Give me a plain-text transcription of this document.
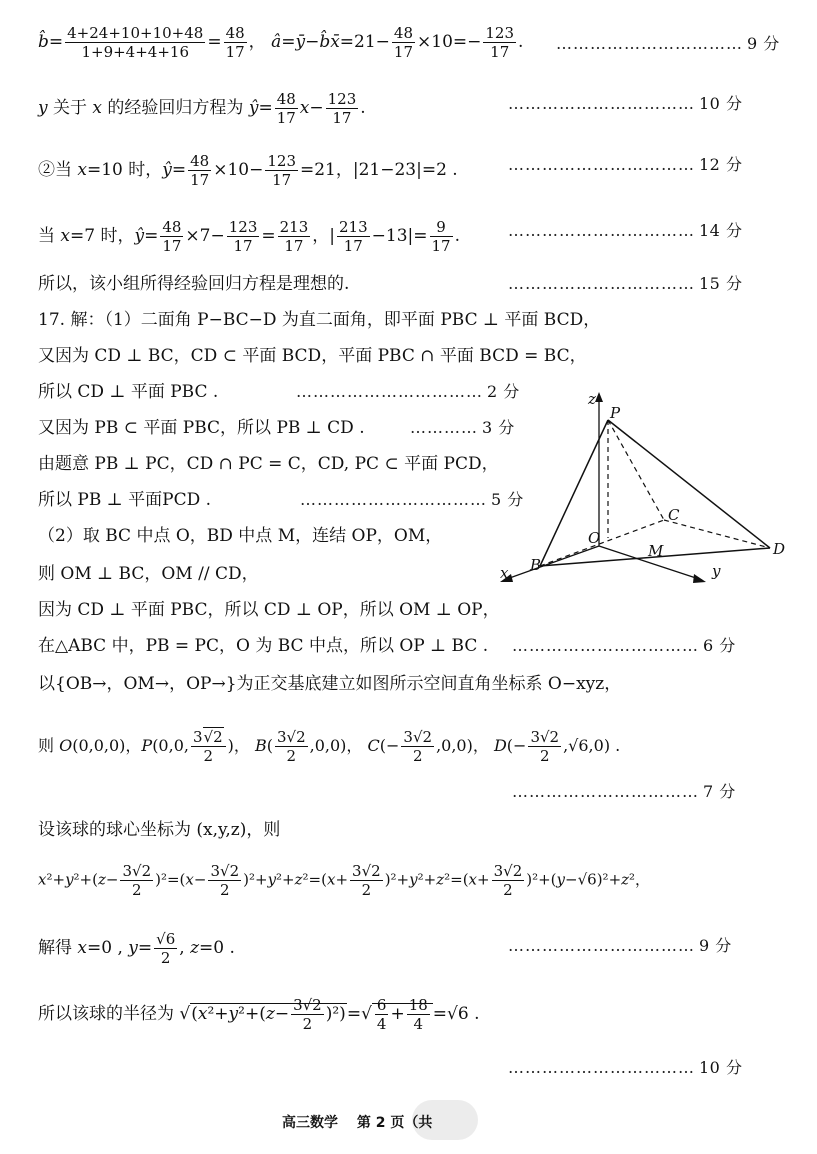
b̂= $\frac{4+24+10+10+48}{1+9+4+4+16} = \frac{48}{17}$ ， â=ȳ−b̂x̄=21− $\frac{48}{17} \times 10=- \frac{123}{17}$ . …………………………… 9 分
y 关于 x 的经验回归方程为 ŷ= $\frac{48}{17} x- \frac{123}{17}$ .	…………………………… 10 分
②当 x=10 时，ŷ= $\frac{48}{17} \times 10- \frac{123}{17} =21$，|21−23|=2 .	…………………………… 12 分
当 x=7 时，ŷ= $\frac{48}{17} \times 7- \frac{123}{17} = \frac{213}{17}$ ，| $\frac{213}{17} -13|= \frac{9}{17}$ .	…………………………… 14 分
所以，该小组所得经验回归方程是理想的.	…………………………… 15 分
17. 解：（1）二面角 P−BC−D 为直二面角，即平面 PBC ⊥ 平面 BCD，
又因为 CD ⊥ BC，CD ⊂ 平面 BCD，平面 PBC ∩ 平面 BCD = BC，
所以 CD ⊥ 平面 PBC .	…………………………… 2 分
又因为 PB ⊂ 平面 PBC，所以 PB ⊥ CD .	………… 3 分
由题意 PB ⊥ PC，CD ∩ PC = C，CD, PC ⊂ 平面 PCD，
所以 PB ⊥ 平面PCD .	…………………………… 5 分
（2）取 BC 中点 O，BD 中点 M，连结 OP，OM，
则 OM ⊥ BC，OM // CD，
因为 CD ⊥ 平面 PBC，所以 CD ⊥ OP，所以 OM ⊥ OP，
在△ABC 中，PB = PC，O 为 BC 中点，所以 OP ⊥ BC . …………………………… 6 分
以{OB→，OM→，OP→}为正交基底建立如图所示空间直角坐标系 O−xyz，
则 O(0,0,0)，P(0,0, $\frac{3√2}{2}$ )， $B( \frac{3√2}{2} ,0,0)$， $C(- \frac{3√2}{2} ,0,0)$， $D(- \frac{3√2}{2} ,√6,0)$ .
…………………………… 7 分
设该球的球心坐标为 (x,y,z)，则
$x^2+y^2+(z- \frac{3√2}{2} )^2=(x- \frac{3√2}{2} )^2+y^2+z^2=(x+ \frac{3√2}{2} )^2+y^2+z^2=(x+ \frac{3√2}{2} )^2+(y-√6)^2+z^2$，
解得 x=0 , $y= \frac{√6}{2}$ , z=0 .	…………………………… 9 分
所以该球的半径为 $√(x^2+y^2+(z- \frac{3√2}{2} )^2)=√ \frac{6}{4} + \frac{18}{4} =√6$ .
…………………………… 10 分
z
P
C
O
M	D
B
x	y
高三数学　 第 2 页（共
